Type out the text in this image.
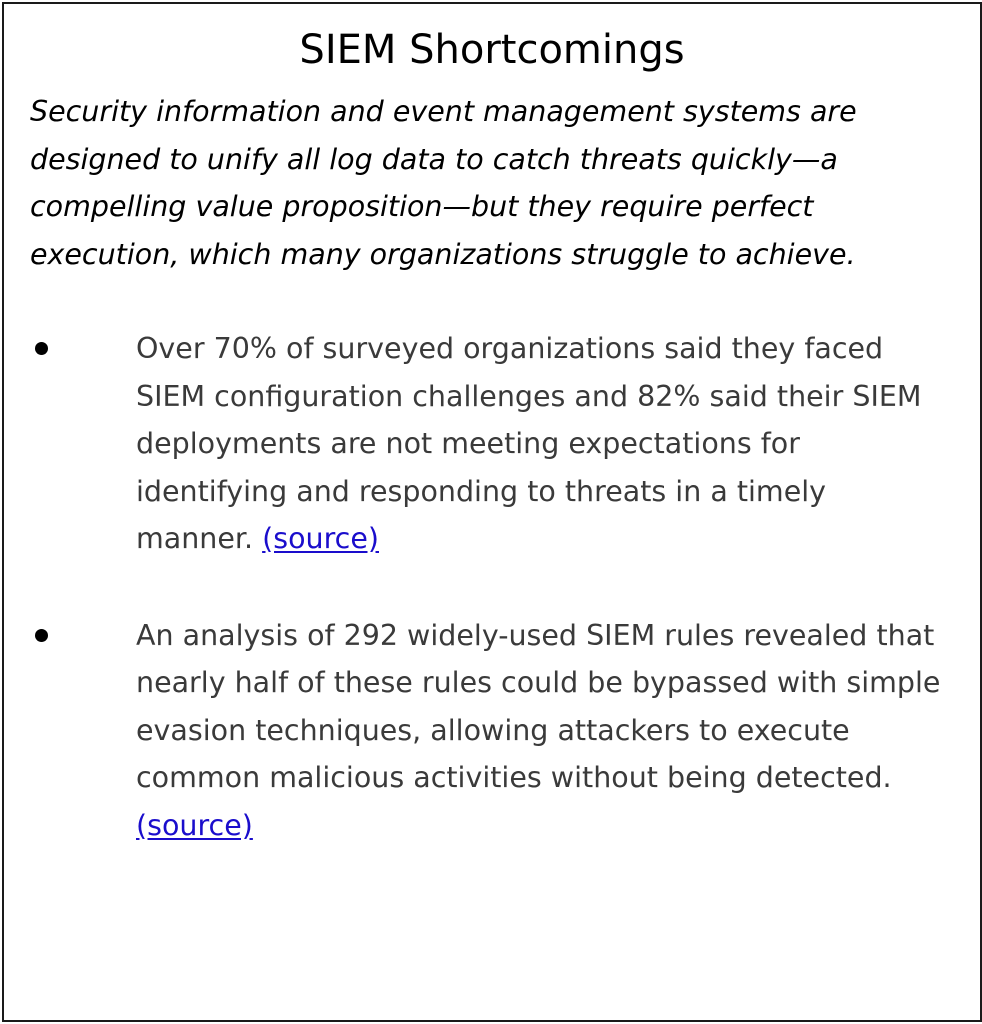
SIEM Shortcomings

Security information and event management systems are designed to unify all log data to catch threats quickly—a compelling value proposition—but they require perfect execution, which many organizations struggle to achieve.

Over 70% of surveyed organizations said they faced SIEM configuration challenges and 82% said their SIEM deployments are not meeting expectations for identifying and responding to threats in a timely manner. (source)
An analysis of 292 widely-used SIEM rules revealed that nearly half of these rules could be bypassed with simple evasion techniques, allowing attackers to execute common malicious activities without being detected.
(source)
